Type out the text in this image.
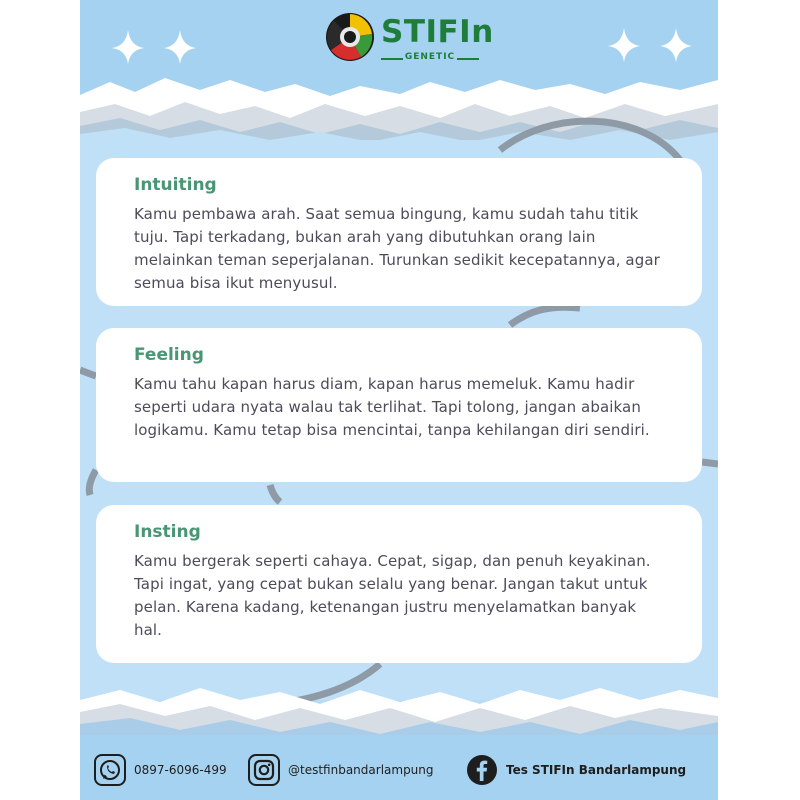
STIFIn
GENETIC
Intuiting

Kamu pembawa arah. Saat semua bingung, kamu sudah tahu titik tuju. Tapi terkadang, bukan arah yang dibutuhkan orang lain melainkan teman seperjalanan. Turunkan sedikit kecepatannya, agar semua bisa ikut menyusul.

Feeling

Kamu tahu kapan harus diam, kapan harus memeluk. Kamu hadir seperti udara nyata walau tak terlihat. Tapi tolong, jangan abaikan logikamu. Kamu tetap bisa mencintai, tanpa kehilangan diri sendiri.

Insting

Kamu bergerak seperti cahaya. Cepat, sigap, dan penuh keyakinan. Tapi ingat, yang cepat bukan selalu yang benar. Jangan takut untuk pelan. Karena kadang, ketenangan justru menyelamatkan banyak hal.

0897-6096-499	@testfinbandarlampung	Tes STIFIn Bandarlampung
